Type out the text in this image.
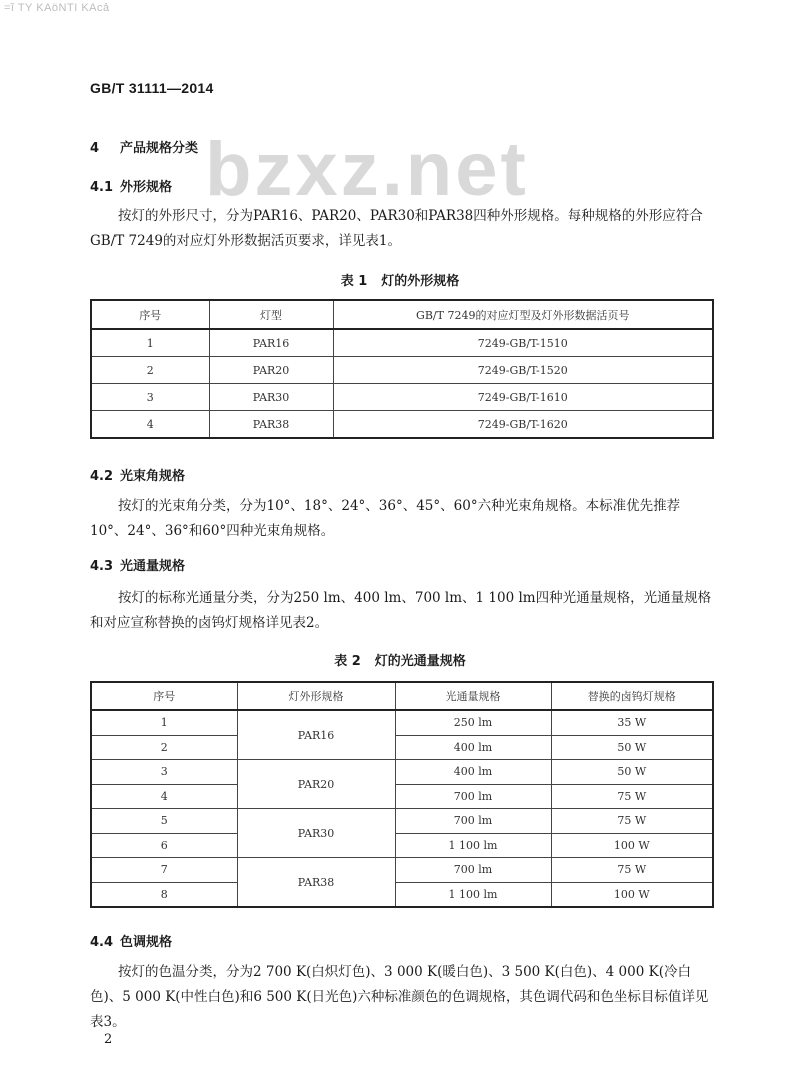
=ĩ TY KAöNTI KAcả
GB/T 31111—2014
bzxz.net
4 产品规格分类
4.1 外形规格
按灯的外形尺寸，分为PAR16、PAR20、PAR30和PAR38四种外形规格。每种规格的外形应符合GB/T 7249的对应灯外形数据活页要求，详见表1。
表 1 灯的外形规格
序号	灯型	GB/T 7249的对应灯型及灯外形数据活页号
1	PAR16	7249-GB/T-1510
2	PAR20	7249-GB/T-1520
3	PAR30	7249-GB/T-1610
4	PAR38	7249-GB/T-1620
4.2 光束角规格
按灯的光束角分类，分为10°、18°、24°、36°、45°、60°六种光束角规格。本标准优先推荐10°、24°、36°和60°四种光束角规格。
4.3 光通量规格
按灯的标称光通量分类，分为250 lm、400 lm、700 lm、1 100 lm四种光通量规格，光通量规格和对应宣称替换的卤钨灯规格详见表2。
表 2 灯的光通量规格
序号	灯外形规格	光通量规格	替换的卤钨灯规格
1	PAR16	250 lm	35 W
2		400 lm	50 W
3	PAR20	400 lm	50 W
4		700 lm	75 W
5	PAR30	700 lm	75 W
6		1 100 lm	100 W
7	PAR38	700 lm	75 W
8		1 100 lm	100 W
4.4 色调规格
按灯的色温分类，分为2 700 K(白炽灯色)、3 000 K(暖白色)、3 500 K(白色)、4 000 K(冷白色)、5 000 K(中性白色)和6 500 K(日光色)六种标准颜色的色调规格，其色调代码和色坐标目标值详见表3。
2
